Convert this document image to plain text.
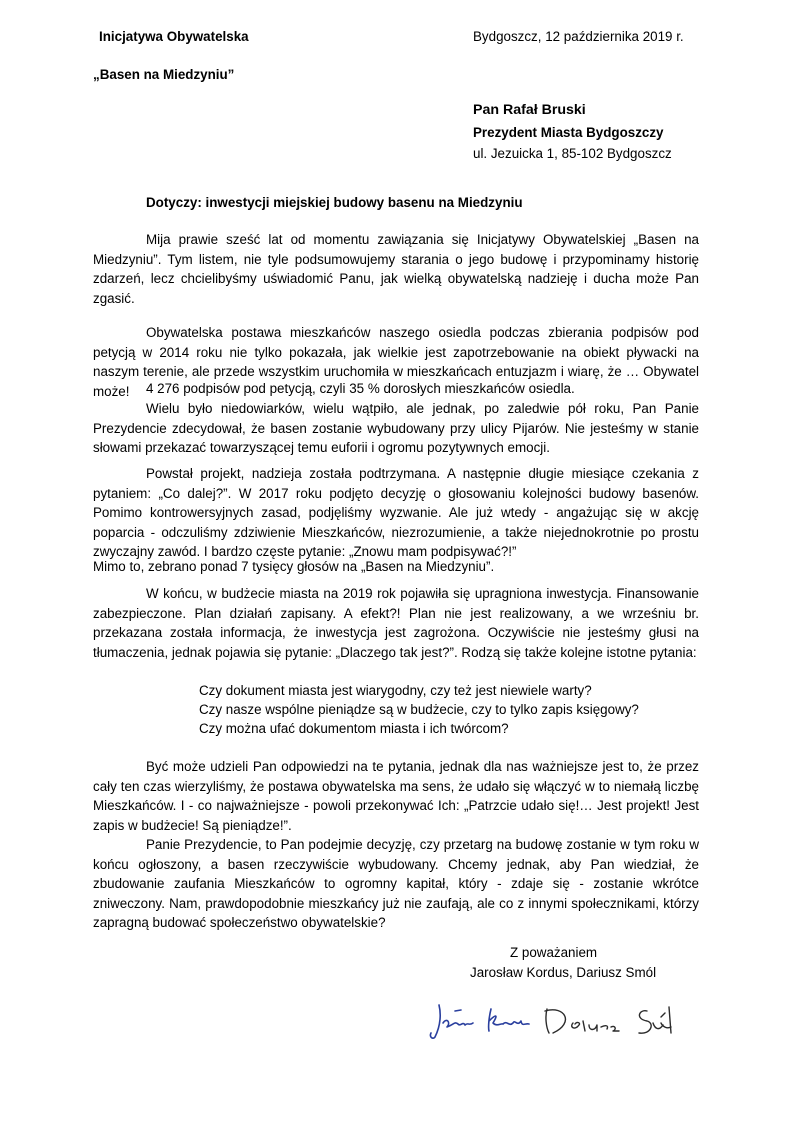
Inicjatywa Obywatelska
„Basen na Miedzyniu”
Bydgoszcz, 12 października 2019 r.
Pan Rafał Bruski
Prezydent Miasta Bydgoszczy
ul. Jezuicka 1, 85-102 Bydgoszcz
Dotyczy: inwestycji miejskiej budowy basenu na Miedzyniu
Mija prawie sześć lat od momentu zawiązania się Inicjatywy Obywatelskiej „Basen na Miedzyniu”. Tym listem, nie tyle podsumowujemy starania o jego budowę i przypominamy historię zdarzeń, lecz chcielibyśmy uświadomić Panu, jak wielką obywatelską nadzieję i ducha może Pan zgasić.
Obywatelska postawa mieszkańców naszego osiedla podczas zbierania podpisów pod petycją w 2014 roku nie tylko pokazała, jak wielkie jest zapotrzebowanie na obiekt pływacki na naszym terenie, ale przede wszystkim uruchomiła w mieszkańcach entuzjazm i wiarę, że … Obywatel może!	4 276 podpisów pod petycją, czyli 35 % dorosłych mieszkańców osiedla.
Wielu było niedowiarków, wielu wątpiło, ale jednak, po zaledwie pół roku, Pan Panie Prezydencie zdecydował, że basen zostanie wybudowany przy ulicy Pijarów. Nie jesteśmy w stanie słowami przekazać towarzyszącej temu euforii i ogromu pozytywnych emocji.
Powstał projekt, nadzieja została podtrzymana. A następnie długie miesiące czekania z pytaniem: „Co dalej?”. W 2017 roku podjęto decyzję o głosowaniu kolejności budowy basenów. Pomimo kontrowersyjnych zasad, podjęliśmy wyzwanie. Ale już wtedy - angażując się w akcję poparcia - odczuliśmy zdziwienie Mieszkańców, niezrozumienie, a także niejednokrotnie po prostu zwyczajny zawód. I bardzo częste pytanie: „Znowu mam podpisywać?!”
Mimo to, zebrano ponad 7 tysięcy głosów na „Basen na Miedzyniu”.
W końcu, w budżecie miasta na 2019 rok pojawiła się upragniona inwestycja. Finansowanie zabezpieczone. Plan działań zapisany. A efekt?! Plan nie jest realizowany, a we wrześniu br. przekazana została informacja, że inwestycja jest zagrożona. Oczywiście nie jesteśmy głusi na tłumaczenia, jednak pojawia się pytanie: „Dlaczego tak jest?”. Rodzą się także kolejne istotne pytania:
Czy dokument miasta jest wiarygodny, czy też jest niewiele warty?
Czy nasze wspólne pieniądze są w budżecie, czy to tylko zapis księgowy?
Czy można ufać dokumentom miasta i ich twórcom?
Być może udzieli Pan odpowiedzi na te pytania, jednak dla nas ważniejsze jest to, że przez cały ten czas wierzyliśmy, że postawa obywatelska ma sens, że udało się włączyć w to niemałą liczbę Mieszkańców. I - co najważniejsze - powoli przekonywać Ich: „Patrzcie udało się!… Jest projekt! Jest zapis w budżecie! Są pieniądze!”.
Panie Prezydencie, to Pan podejmie decyzję, czy przetarg na budowę zostanie w tym roku w końcu ogłoszony, a basen rzeczywiście wybudowany. Chcemy jednak, aby Pan wiedział, że zbudowanie zaufania Mieszkańców to ogromny kapitał, który - zdaje się - zostanie wkrótce zniweczony. Nam, prawdopodobnie mieszkańcy już nie zaufają, ale co z innymi społecznikami, którzy zapragną budować społeczeństwo obywatelskie?
Z poważaniem
Jarosław Kordus, Dariusz Smól
